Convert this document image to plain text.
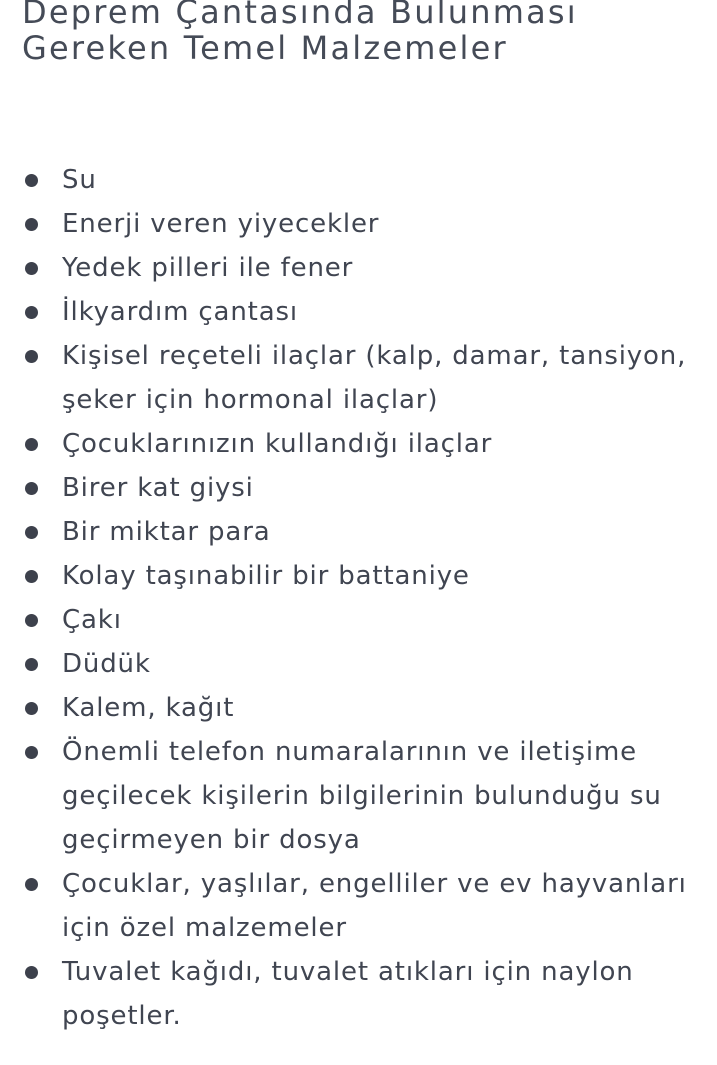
Deprem Çantasında Bulunması
Gereken Temel Malzemeler
Su
Enerji veren yiyecekler
Yedek pilleri ile fener
İlkyardım çantası
Kişisel reçeteli ilaçlar (kalp, damar, tansiyon,
şeker için hormonal ilaçlar)
Çocuklarınızın kullandığı ilaçlar
Birer kat giysi
Bir miktar para
Kolay taşınabilir bir battaniye
Çakı
Düdük
Kalem, kağıt
Önemli telefon numaralarının ve iletişime
geçilecek kişilerin bilgilerinin bulunduğu su
geçirmeyen bir dosya
Çocuklar, yaşlılar, engelliler ve ev hayvanları
için özel malzemeler
Tuvalet kağıdı, tuvalet atıkları için naylon
poşetler.
